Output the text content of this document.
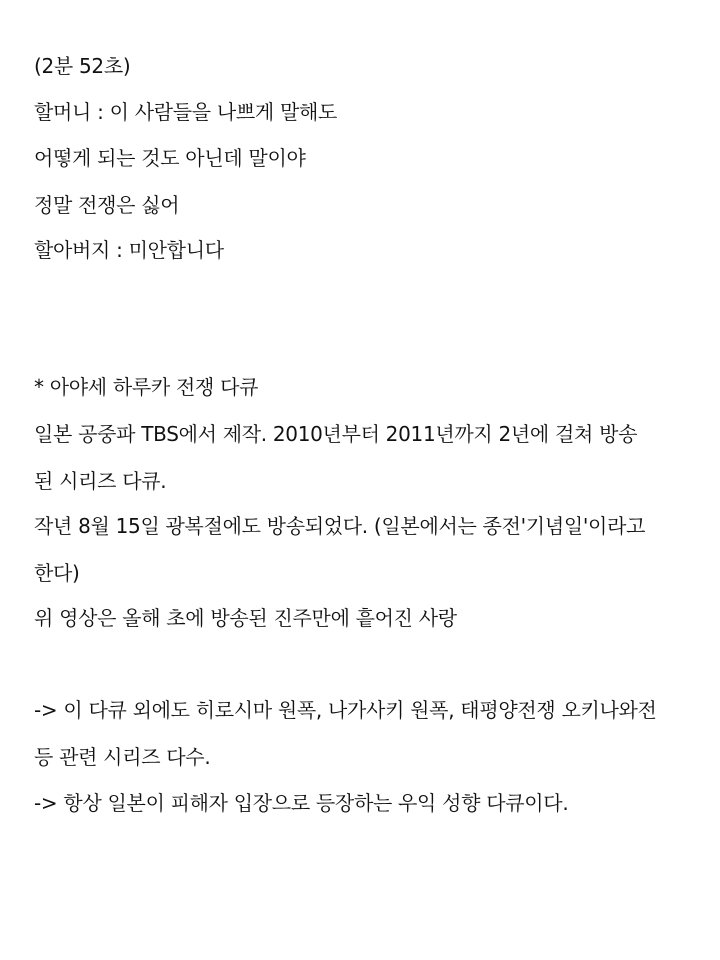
(2분 52초)
할머니 : 이 사람들을 나쁘게 말해도
어떻게 되는 것도 아닌데 말이야
정말 전쟁은 싫어
할아버지 : 미안합니다
* 아야세 하루카 전쟁 다큐
일본 공중파 TBS에서 제작. 2010년부터 2011년까지 2년에 걸쳐 방송
된 시리즈 다큐.
작년 8월 15일 광복절에도 방송되었다. (일본에서는 종전'기념일'이라고
한다)
위 영상은 올해 초에 방송된 진주만에 흩어진 사랑
-> 이 다큐 외에도 히로시마 원폭, 나가사키 원폭, 태평양전쟁 오키나와전
등 관련 시리즈 다수.
-> 항상 일본이 피해자 입장으로 등장하는 우익 성향 다큐이다.
